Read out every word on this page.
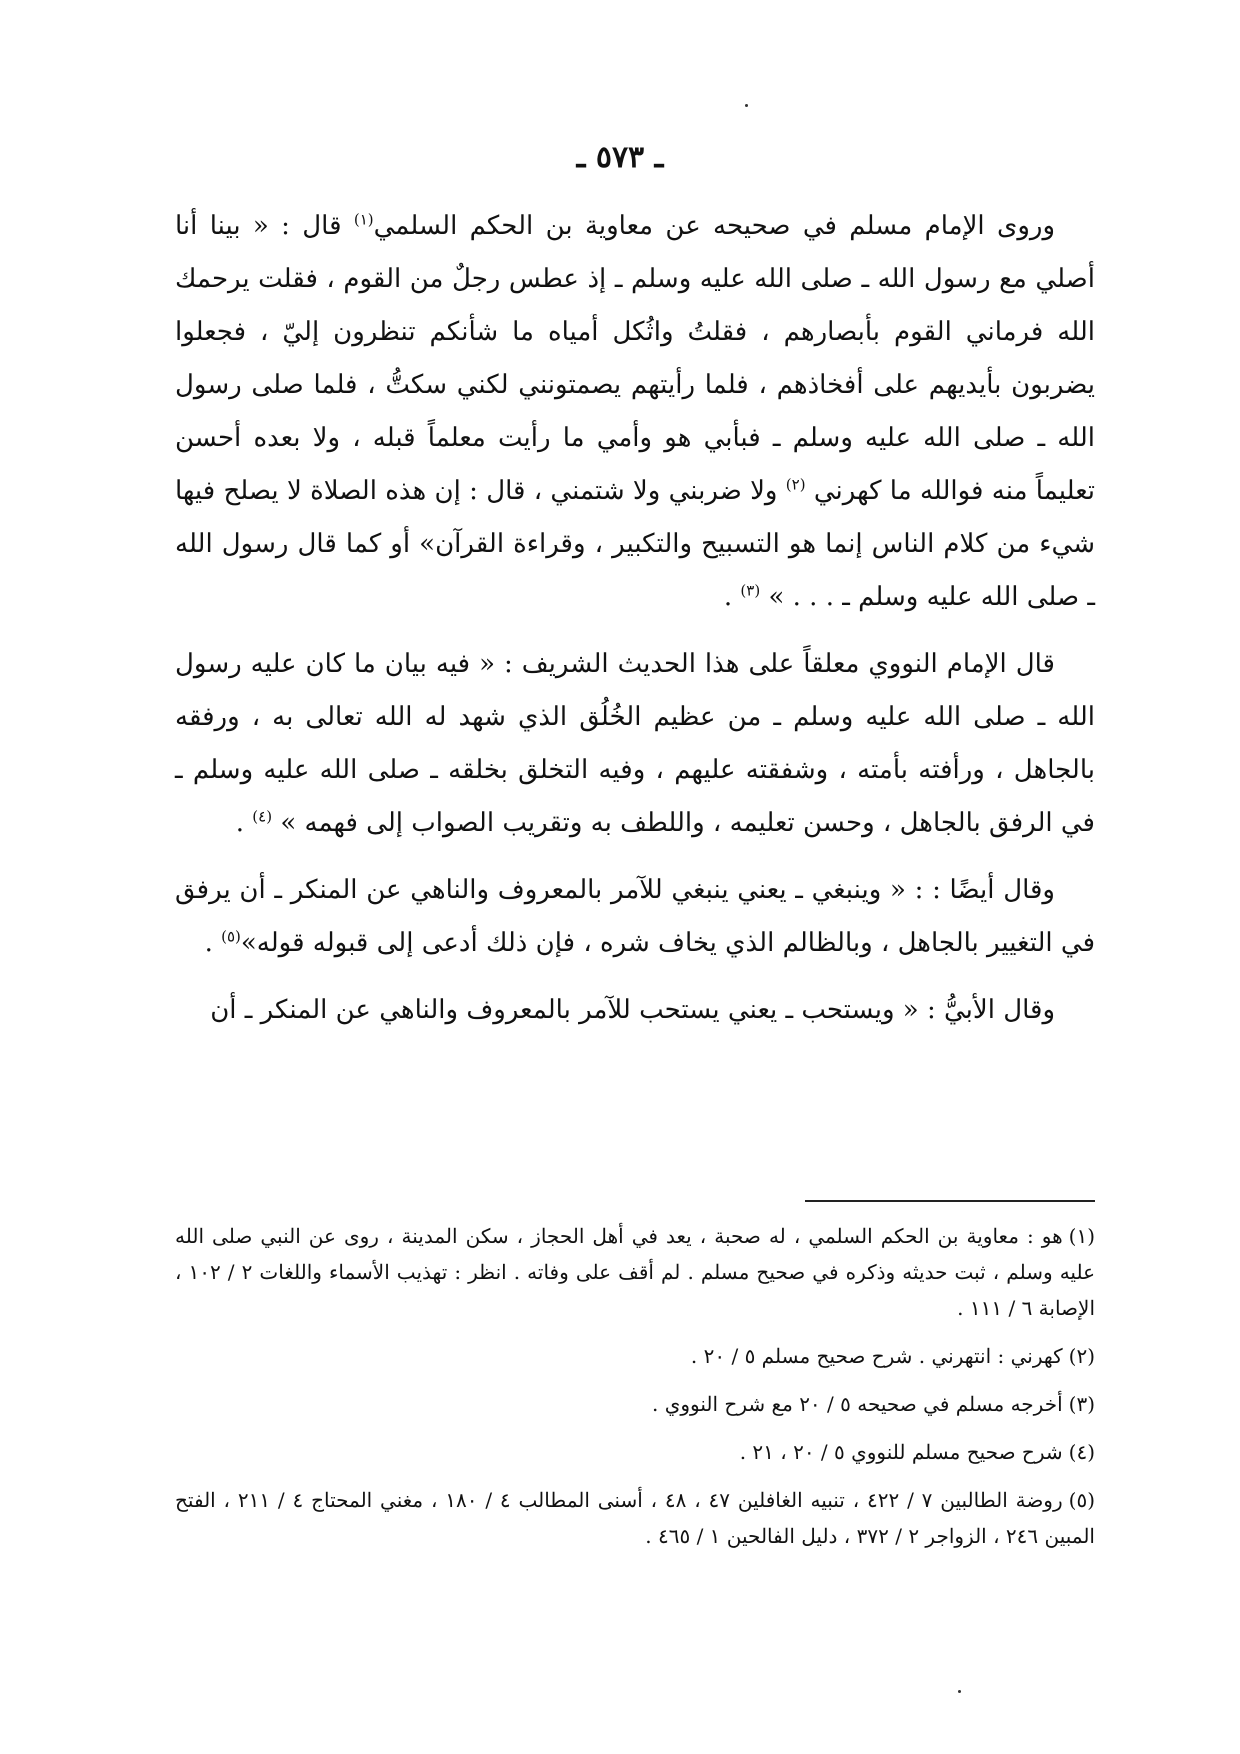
ـ ٥٧٣ ـ

وروى الإمام مسلم في صحيحه عن معاوية بن الحكم السلمي$^{(١)}$ قال : « بينا أنا أصلي مع رسول الله ـ صلى الله عليه وسلم ـ إذ عطس رجلٌ من القوم ، فقلت يرحمك الله فرماني القوم بأبصارهم ، فقلتُ واثُكل أمياه ما شأنكم تنظرون إليّ ، فجعلوا يضربون بأيديهم على أفخاذهم ، فلما رأيتهم يصمتونني لكني سكتُّ ، فلما صلى رسول الله ـ صلى الله عليه وسلم ـ فبأبي هو وأمي ما رأيت معلماً قبله ، ولا بعده أحسن تعليماً منه فوالله ما كهرني $^{(٢)}$ ولا ضربني ولا شتمني ، قال : إن هذه الصلاة لا يصلح فيها شيء من كلام الناس إنما هو التسبيح والتكبير ، وقراءة القرآن» أو كما قال رسول الله ـ صلى الله عليه وسلم ـ . . . » $^{(٣)}$ .

قال الإمام النووي معلقاً على هذا الحديث الشريف : « فيه بيان ما كان عليه رسول الله ـ صلى الله عليه وسلم ـ من عظيم الخُلُق الذي شهد له الله تعالى به ، ورفقه بالجاهل ، ورأفته بأمته ، وشفقته عليهم ، وفيه التخلق بخلقه ـ صلى الله عليه وسلم ـ في الرفق بالجاهل ، وحسن تعليمه ، واللطف به وتقريب الصواب إلى فهمه » $^{(٤)}$ .

وقال أيضًا : : « وينبغي ـ يعني ينبغي للآمر بالمعروف والناهي عن المنكر ـ أن يرفق في التغيير بالجاهل ، وبالظالم الذي يخاف شره ، فإن ذلك أدعى إلى قبوله قوله»$^{(٥)}$ .

وقال الأبيُّ : « ويستحب ـ يعني يستحب للآمر بالمعروف والناهي عن المنكر ـ أن

(١)هو : معاوية بن الحكم السلمي ، له صحبة ، يعد في أهل الحجاز ، سكن المدينة ، روى عن النبي صلى الله عليه وسلم ، ثبت حديثه وذكره في صحيح مسلم . لم أقف على وفاته . انظر : تهذيب الأسماء واللغات ٢ / ١٠٢ ، الإصابة ٦ / ١١١ .
(٢)كهرني : انتهرني . شرح صحيح مسلم ٥ / ٢٠ .
(٣)أخرجه مسلم في صحيحه ٥ / ٢٠ مع شرح النووي .
(٤)شرح صحيح مسلم للنووي ٥ / ٢٠ ، ٢١ .
(٥)روضة الطالبين ٧ / ٤٢٢ ، تنبيه الغافلين ٤٧ ، ٤٨ ، أسنى المطالب ٤ / ١٨٠ ، مغني المحتاج ٤ / ٢١١ ، الفتح المبين ٢٤٦ ، الزواجر ٢ / ٣٧٢ ، دليل الفالحين ١ / ٤٦٥ .
